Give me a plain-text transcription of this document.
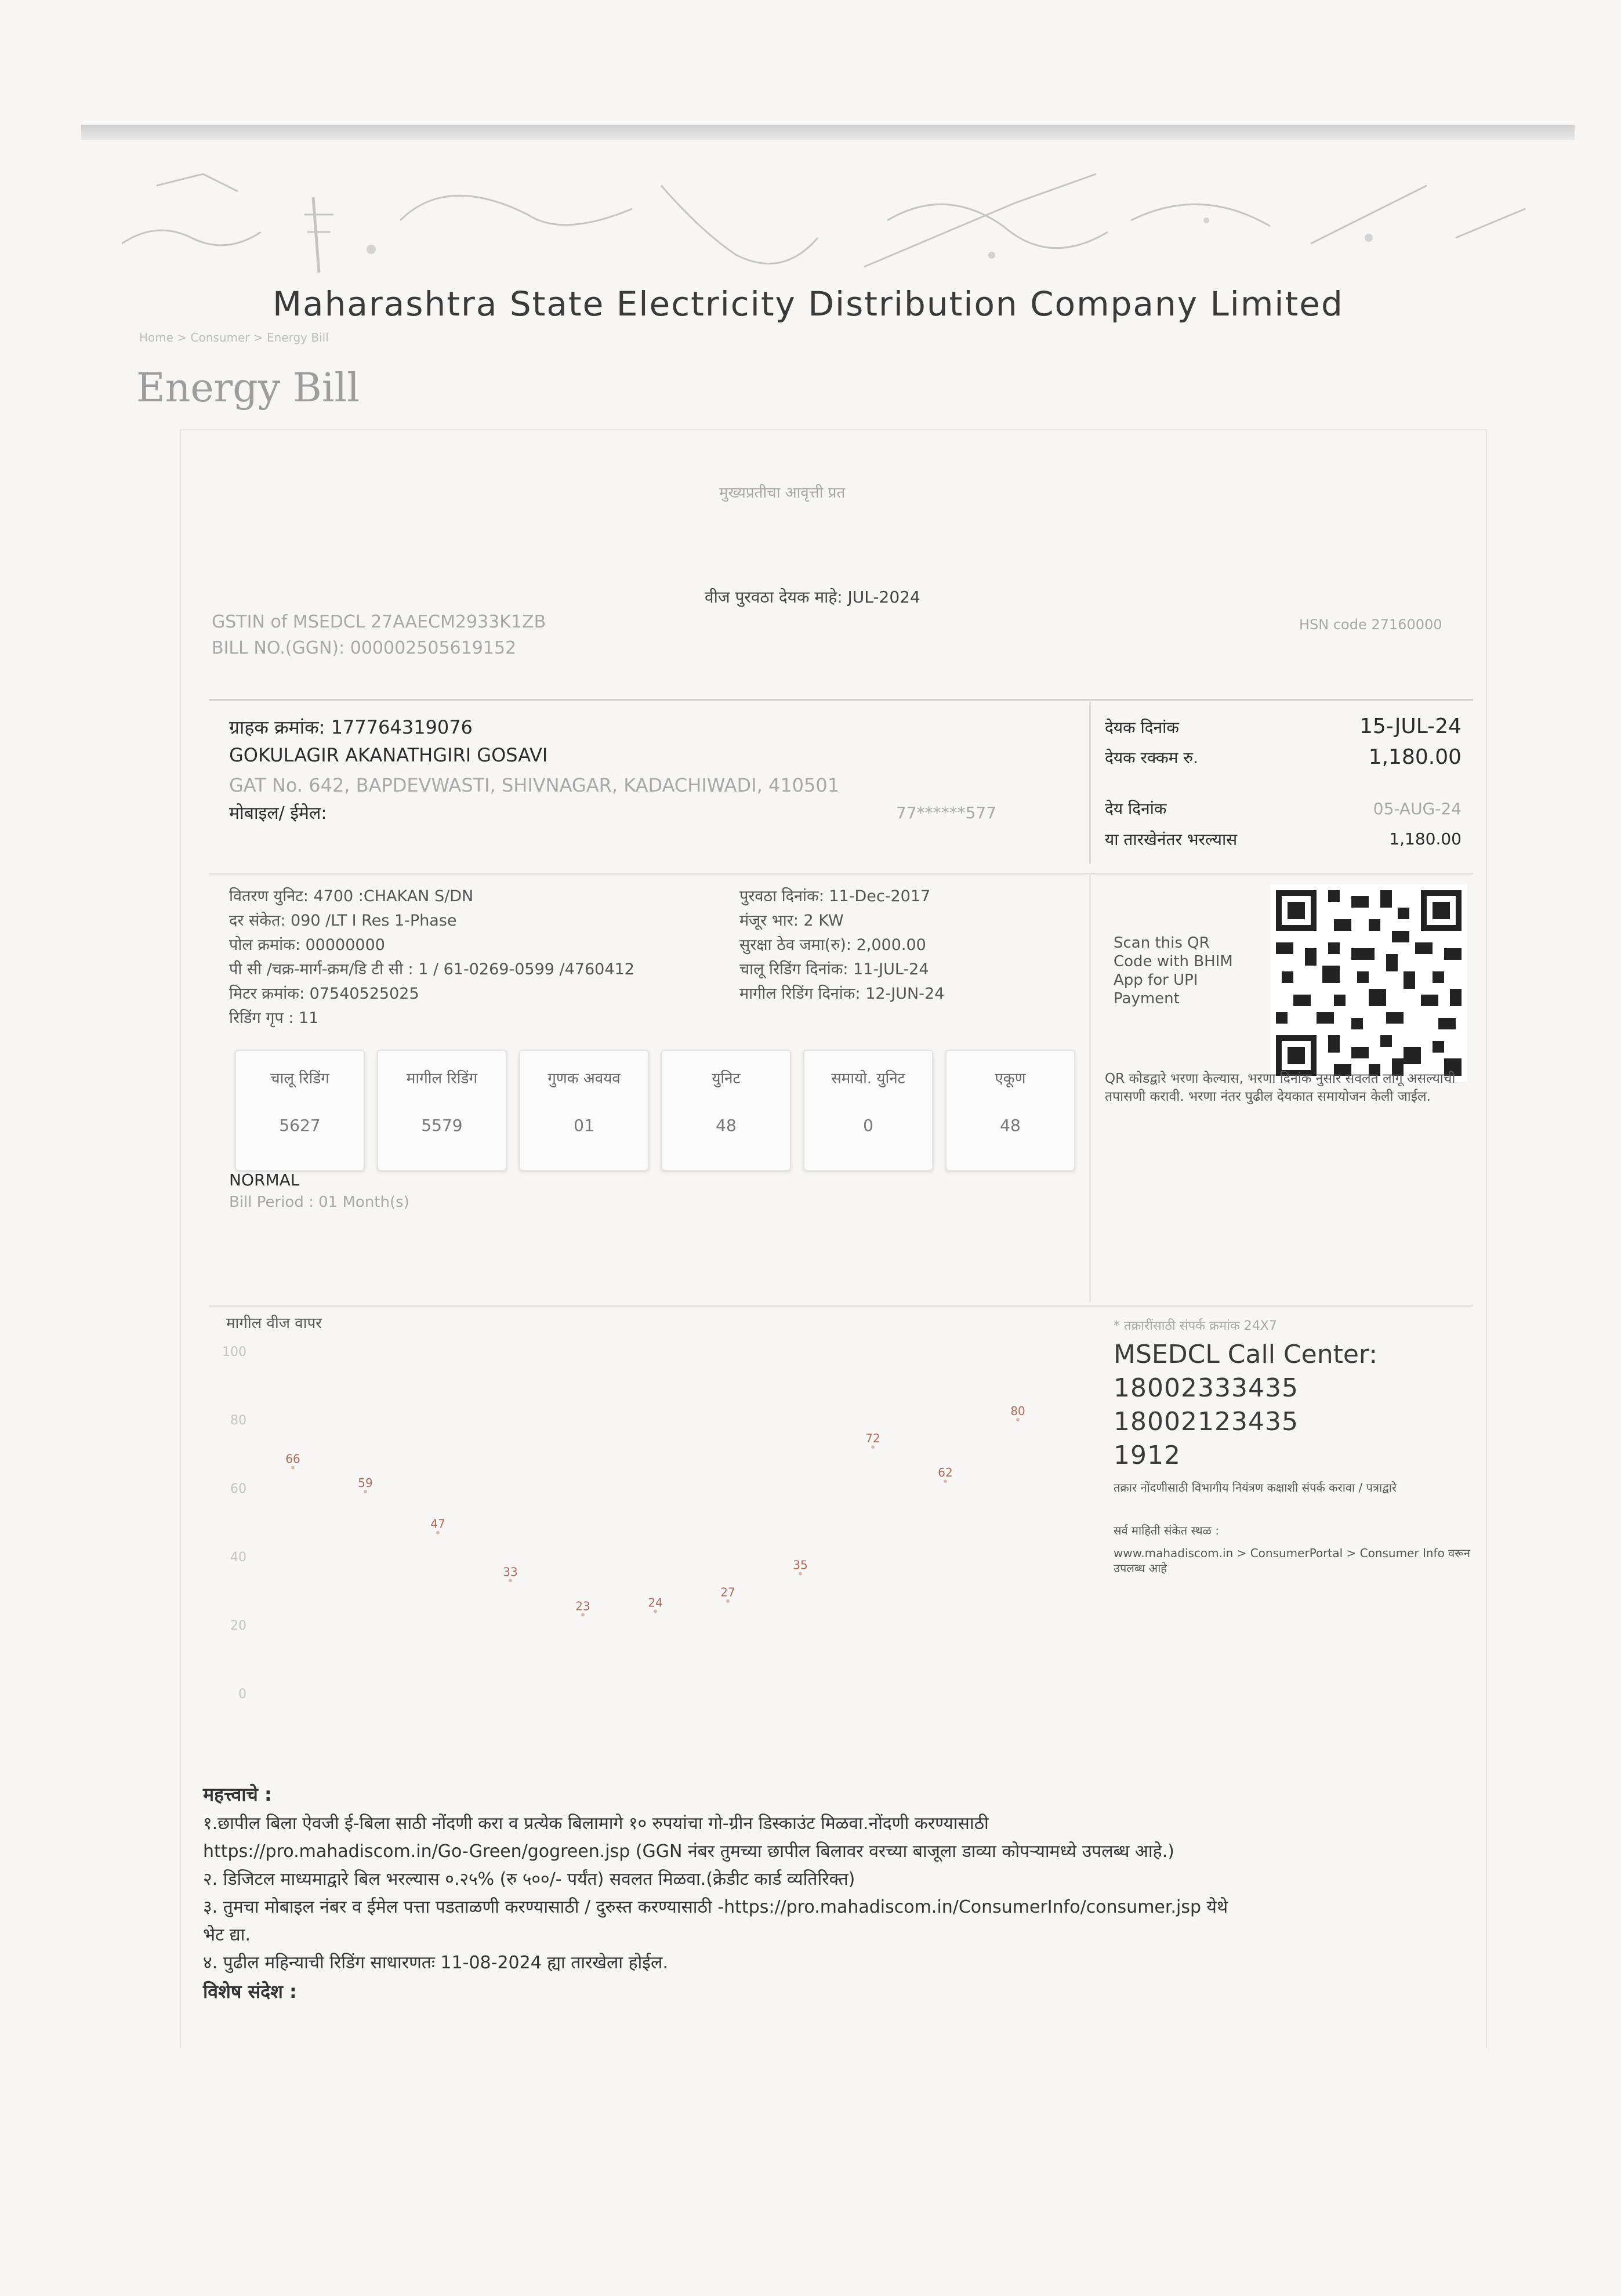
Maharashtra State Electricity Distribution Company Limited
Home > Consumer > Energy Bill
Energy Bill
मुख्यप्रतीचा आवृत्ती प्रत
वीज पुरवठा देयक माहे: JUL-2024
GSTIN of MSEDCL 27AAECM2933K1ZB
BILL NO.(GGN): 000002505619152
HSN code 27160000
ग्राहक क्रमांक: 177764319076
GOKULAGIR AKANATHGIRI GOSAVI
GAT No. 642, BAPDEVWASTI, SHIVNAGAR, KADACHIWADI, 410501
मोबाइल/ ईमेल:	77******577
देयक दिनांक	15-JUL-24
देयक रक्कम रु.	1,180.00
देय दिनांक	05-AUG-24
या तारखेनंतर भरल्यास	1,180.00
वितरण युनिट: 4700 :CHAKAN S/DN
दर संकेत: 090 /LT I Res 1-Phase
पोल क्रमांक: 00000000
पी सी /चक्र-मार्ग-क्रम/डि टी सी : 1 / 61-0269-0599 /4760412
मिटर क्रमांक: 07540525025
रिडिंग गृप : 11
पुरवठा दिनांक: 11-Dec-2017
मंजूर भार: 2 KW
सुरक्षा ठेव जमा(रु): 2,000.00
चालू रिडिंग दिनांक: 11-JUL-24
मागील रिडिंग दिनांक: 12-JUN-24
Scan this QR Code with BHIM App for UPI Payment
QR कोडद्वारे भरणा केल्यास, भरणा दिनांक नुसार सवलत लागू असल्याची तपासणी करावी. भरणा नंतर पुढील देयकात समायोजन केली जाईल.
चालू रिडिंग
5627
मागील रिडिंग
5579
गुणक अवयव
01
युनिट
48
समायो. युनिट
0
एकूण
48
NORMAL
Bill Period : 01 Month(s)
मागील वीज वापर
0
20
40
60
80
100
66
59
47
33
23	24
27
35
72
62
80
* तक्रारींसाठी संपर्क क्रमांक 24X7
MSEDCL Call Center:
18002333435
18002123435
1912
तक्रार नोंदणीसाठी विभागीय नियंत्रण कक्षाशी संपर्क करावा / पत्राद्वारे
सर्व माहिती संकेत स्थळ :
www.mahadiscom.in > ConsumerPortal > Consumer Info वरून उपलब्ध आहे
महत्त्वाचे :
१.छापील बिला ऐवजी ई-बिला साठी नोंदणी करा व प्रत्येक बिलामागे १० रुपयांचा गो-ग्रीन डिस्काउंट मिळवा.नोंदणी करण्यासाठी
https://pro.mahadiscom.in/Go-Green/gogreen.jsp (GGN नंबर तुमच्या छापील बिलावर वरच्या बाजूला डाव्या कोपऱ्यामध्ये उपलब्ध आहे.)
२. डिजिटल माध्यमाद्वारे बिल भरल्यास ०.२५% (रु ५००/- पर्यंत) सवलत मिळवा.(क्रेडीट कार्ड व्यतिरिक्त)
३. तुमचा मोबाइल नंबर व ईमेल पत्ता पडताळणी करण्यासाठी / दुरुस्त करण्यासाठी -https://pro.mahadiscom.in/ConsumerInfo/consumer.jsp येथे
भेट द्या.
४. पुढील महिन्याची रिडिंग साधारणतः 11-08-2024 ह्या तारखेला होईल.
विशेष संदेश :
